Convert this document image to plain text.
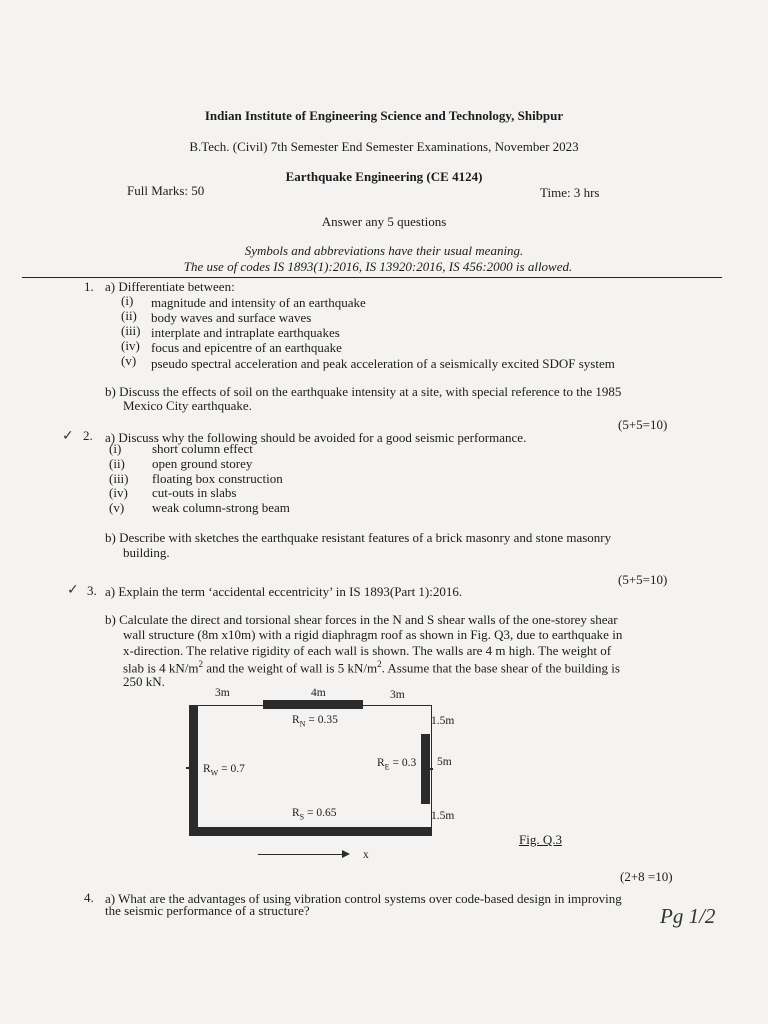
Indian Institute of Engineering Science and Technology, Shibpur
B.Tech. (Civil) 7th Semester End Semester Examinations, November 2023
Earthquake Engineering (CE 4124)
Full Marks: 50	Time: 3 hrs
Answer any 5 questions
Symbols and abbreviations have their usual meaning.
The use of codes IS 1893(1):2016, IS 13920:2016, IS 456:2000 is allowed.
1. a) Differentiate between:
(i) magnitude and intensity of an earthquake
(ii) body waves and surface waves
(iii) interplate and intraplate earthquakes
(iv) focus and epicentre of an earthquake
(v) pseudo spectral acceleration and peak acceleration of a seismically excited SDOF system
b) Discuss the effects of soil on the earthquake intensity at a site, with special reference to the 1985
Mexico City earthquake.
(5+5=10)
✓ 2. a) Discuss why the following should be avoided for a good seismic performance.
(i) short column effect
(ii) open ground storey
(iii) floating box construction
(iv) cut-outs in slabs
(v) weak column-strong beam
b) Describe with sketches the earthquake resistant features of a brick masonry and stone masonry
building.
(5+5=10)
✓ 3. a) Explain the term ‘accidental eccentricity’ in IS 1893(Part 1):2016.
b) Calculate the direct and torsional shear forces in the N and S shear walls of the one-storey shear
wall structure (8m x10m) with a rigid diaphragm roof as shown in Fig. Q3, due to earthquake in
x-direction. The relative rigidity of each wall is shown. The walls are 4 m high. The weight of
slab is 4 $kN/m^2$ and the weight of wall is 5 $kN/m^2$. Assume that the base shear of the building is
250 kN.
3m	4m	3m
$R_N = 0.35$
$R_W = 0.7$	$R_E = 0.3$
$R_S = 0.65$
1.5m
5m
1.5m
x
Fig. Q.3
(2+8 =10)
4. a) What are the advantages of using vibration control systems over code-based design in improving
the seismic performance of a structure?	Pg 1/2
